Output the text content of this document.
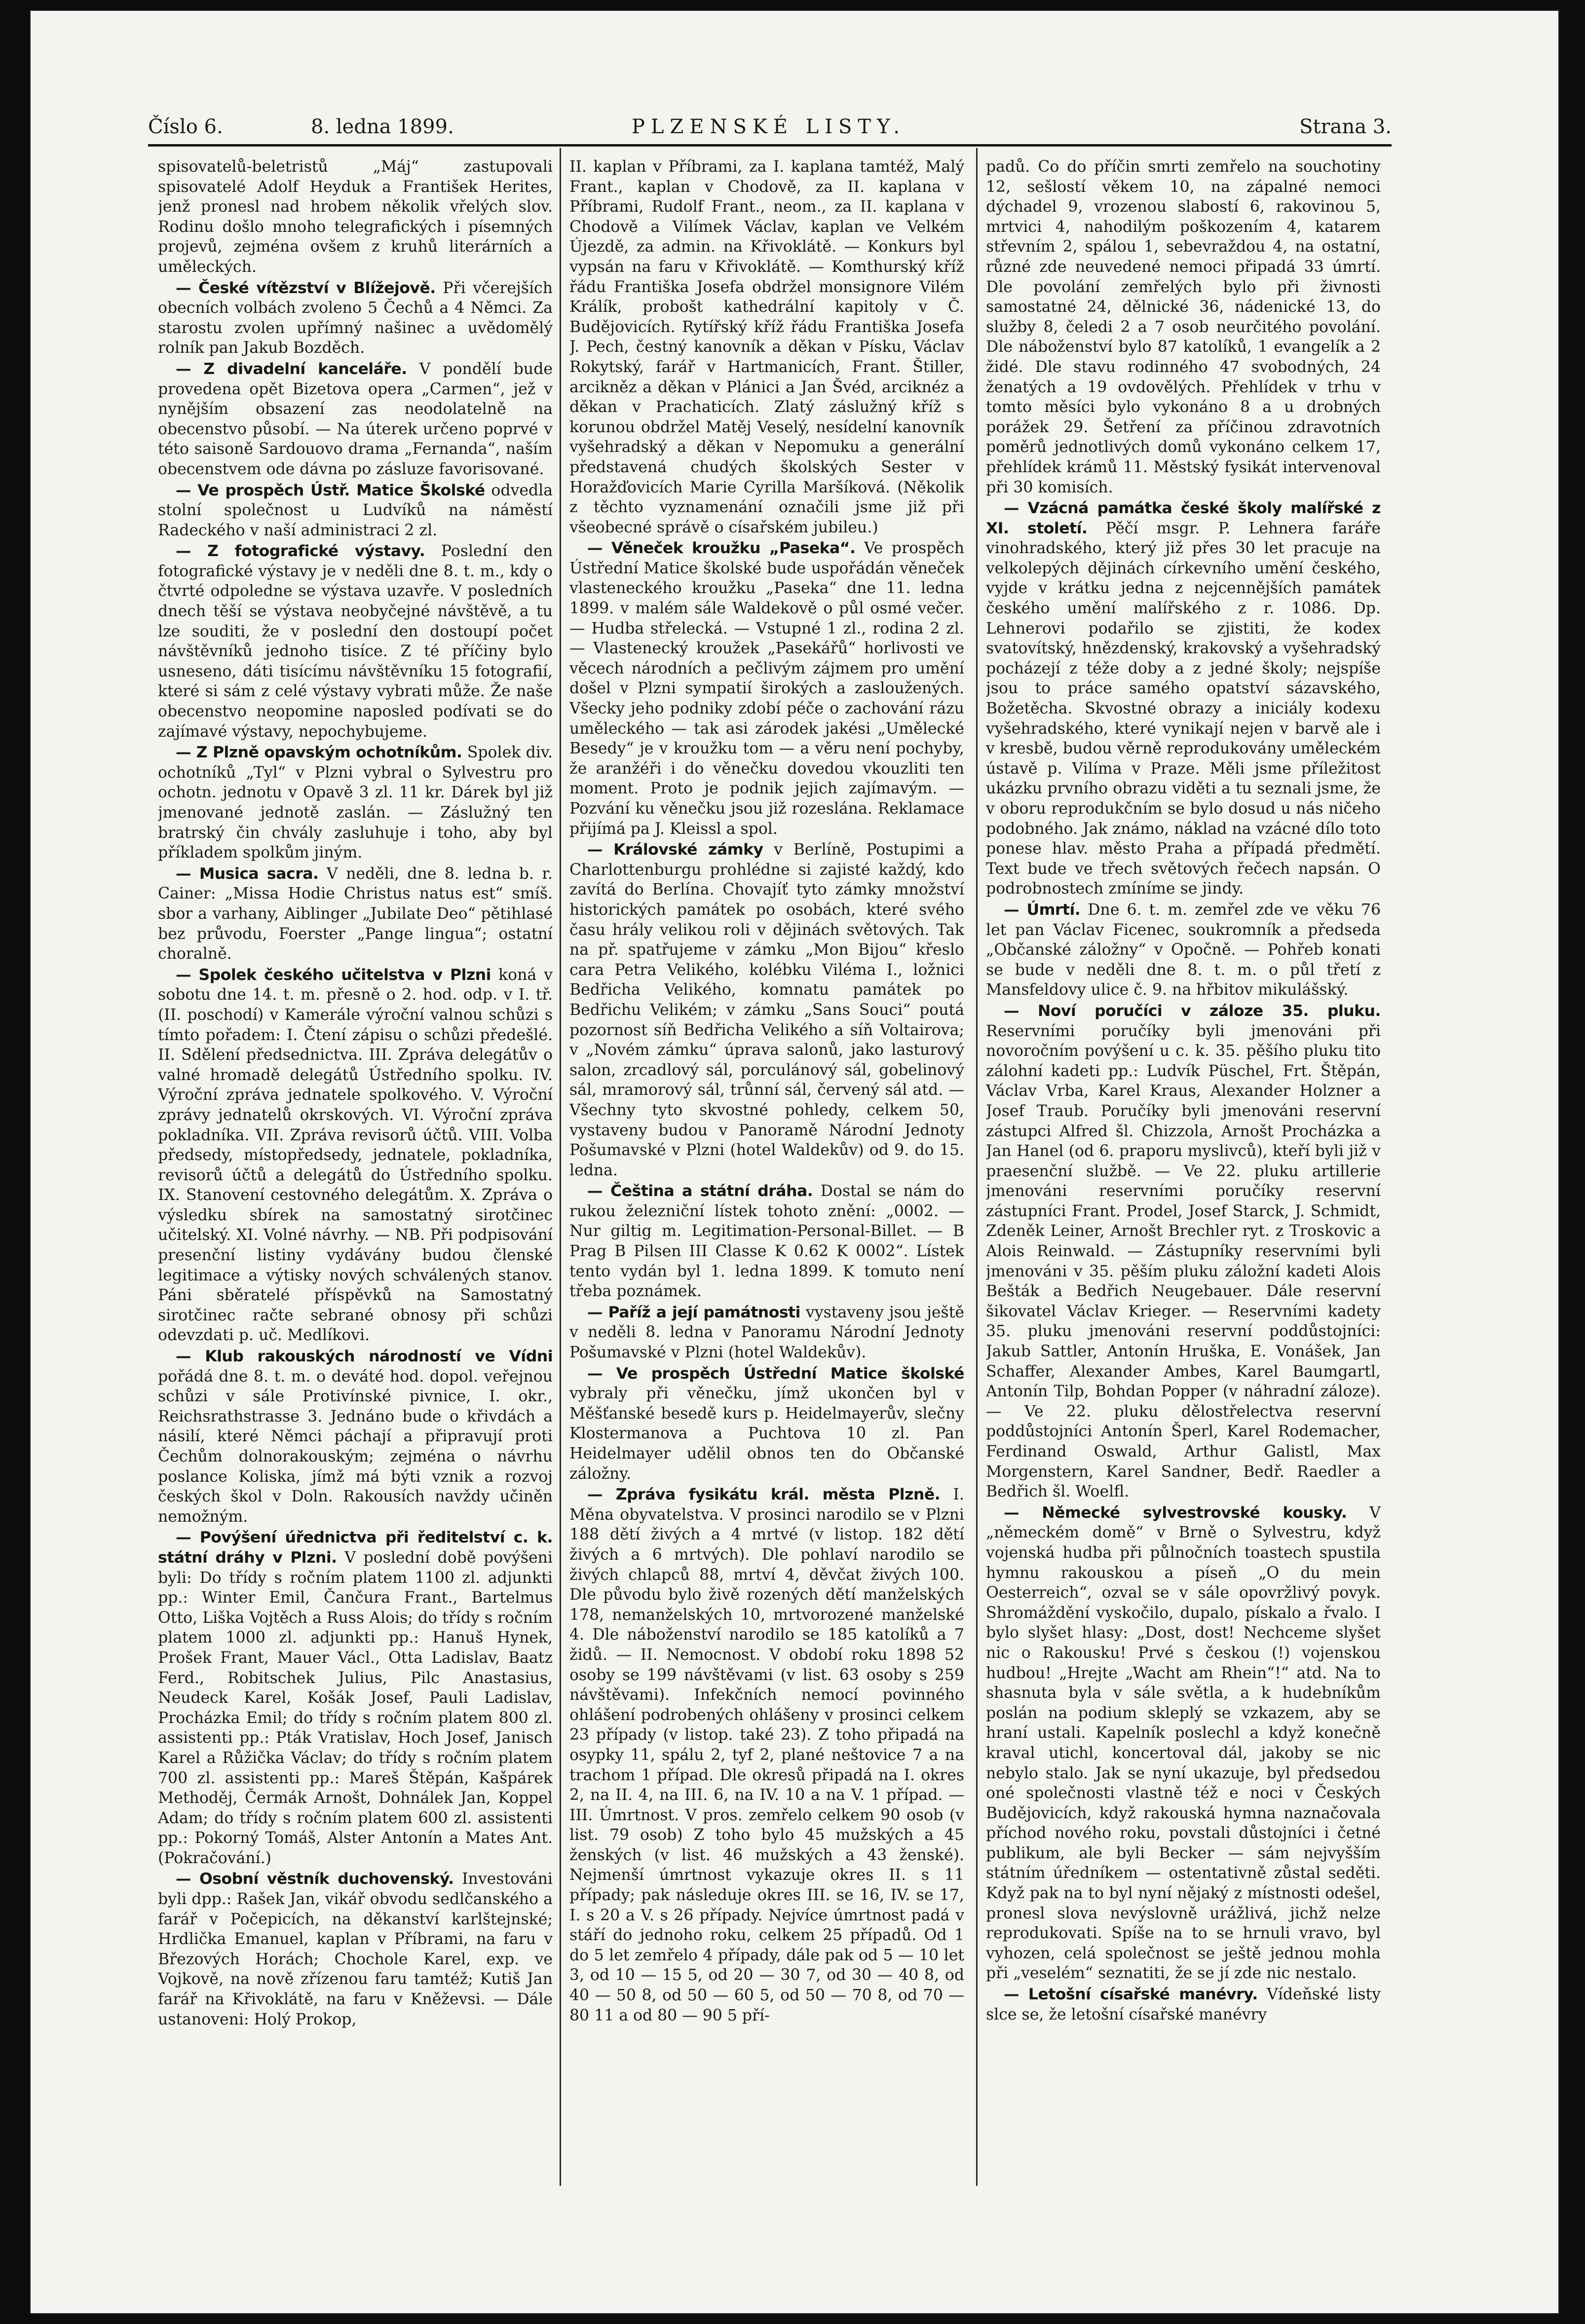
Číslo 6.	8. ledna 1899.	PLZENSKÉ LISTY.	Strana 3.

spisovatelů-beletristů „Máj“ zastupovali spisovatelé Adolf Heyduk a František Herites, jenž pronesl nad hrobem několik vřelých slov. Rodinu došlo mnoho telegrafických i písemných projevů, zejména ovšem z kruhů literárních a uměleckých.

— České vítězství v Blížejově. Při včerejších obecních volbách zvoleno 5 Čechů a 4 Němci. Za starostu zvolen upřímný našinec a uvědomělý rolník pan Jakub Bozděch.

— Z divadelní kanceláře. V pondělí bude provedena opět Bizetova opera „Carmen“, jež v nynějším obsazení zas neodolatelně na obecenstvo působí. — Na úterek určeno poprvé v této saisoně Sardouovo drama „Fernanda“, naším obecenstvem ode dávna po zásluze favorisované.

— Ve prospěch Ústř. Matice Školské odvedla stolní společnost u Ludvíků na náměstí Radeckého v naší administraci 2 zl.

— Z fotografické výstavy. Poslední den fotografické výstavy je v neděli dne 8. t. m., kdy o čtvrté odpoledne se výstava uzavře. V posledních dnech těší se výstava neobyčejné návštěvě, a tu lze souditi, že v poslední den dostoupí počet návštěvníků jednoho tisíce. Z té příčiny bylo usneseno, dáti tisícímu návštěvníku 15 fotografií, které si sám z celé výstavy vybrati může. Že naše obecenstvo neopomine naposled podívati se do zajímavé výstavy, nepochybujeme.

— Z Plzně opavským ochotníkům. Spolek div. ochotníků „Tyl“ v Plzni vybral o Sylvestru pro ochotn. jednotu v Opavě 3 zl. 11 kr. Dárek byl již jmenované jednotě zaslán. — Záslužný ten bratrský čin chvály zasluhuje i toho, aby byl příkladem spolkům jiným.

— Musica sacra. V neděli, dne 8. ledna b. r. Cainer: „Missa Hodie Christus natus est“ smíš. sbor a varhany, Aiblinger „Jubilate Deo“ pětihlasé bez průvodu, Foerster „Pange lingua“; ostatní choralně.

— Spolek českého učitelstva v Plzni koná v sobotu dne 14. t. m. přesně o 2. hod. odp. v I. tř. (II. poschodí) v Kamerále výroční valnou schůzi s tímto pořadem: I. Čtení zápisu o schůzi předešlé. II. Sdělení předsednictva. III. Zpráva delegátův o valné hromadě delegátů Ústředního spolku. IV. Výroční zpráva jednatele spolkového. V. Výroční zprávy jednatelů okrskových. VI. Výroční zpráva pokladníka. VII. Zpráva revisorů účtů. VIII. Volba předsedy, místopředsedy, jednatele, pokladníka, revisorů účtů a delegátů do Ústředního spolku. IX. Stanovení cestovného delegátům. X. Zpráva o výsledku sbírek na samostatný sirotčinec učitelský. XI. Volné návrhy. — NB. Při podpisování presenční listiny vydávány budou členské legitimace a výtisky nových schválených stanov. Páni sběratelé příspěvků na Samostatný sirotčinec račte sebrané obnosy při schůzi odevzdati p. uč. Medlíkovi.

— Klub rakouských národností ve Vídni pořádá dne 8. t. m. o deváté hod. dopol. veřejnou schůzi v sále Protivínské pivnice, I. okr., Reichsrathstrasse 3. Jednáno bude o křivdách a násilí, které Němci páchají a připravují proti Čechům dolnorakouským; zejména o návrhu poslance Koliska, jímž má býti vznik a rozvoj českých škol v Doln. Rakousích navždy učiněn nemožným.

— Povýšení úřednictva při ředitelství c. k. státní dráhy v Plzni. V poslední době povýšeni byli: Do třídy s ročním platem 1100 zl. adjunkti pp.: Winter Emil, Čančura Frant., Bartelmus Otto, Liška Vojtěch a Russ Alois; do třídy s ročním platem 1000 zl. adjunkti pp.: Hanuš Hynek, Prošek Frant, Mauer Václ., Otta Ladislav, Baatz Ferd., Robitschek Julius, Pilc Anastasius, Neudeck Karel, Košák Josef, Pauli Ladislav, Procházka Emil; do třídy s ročním platem 800 zl. assistenti pp.: Pták Vratislav, Hoch Josef, Janisch Karel a Růžička Václav; do třídy s ročním platem 700 zl. assistenti pp.: Mareš Štěpán, Kašpárek Methoděj, Čermák Arnošt, Dohnálek Jan, Koppel Adam; do třídy s ročním platem 600 zl. assistenti pp.: Pokorný Tomáš, Alster Antonín a Mates Ant. (Pokračování.)

— Osobní věstník duchovenský. Investováni byli dpp.: Rašek Jan, vikář obvodu sedlčanského a farář v Počepicích, na děkanství karlštejnské; Hrdlička Emanuel, kaplan v Příbrami, na faru v Březových Horách; Chochole Karel, exp. ve Vojkově, na nově zřízenou faru tamtéž; Kutiš Jan farář na Křivoklátě, na faru v Kněževsi. — Dále ustanoveni: Holý Prokop,

II. kaplan v Příbrami, za I. kaplana tamtéž, Malý Frant., kaplan v Chodově, za II. kaplana v Příbrami, Rudolf Frant., neom., za II. kaplana v Chodově a Vilímek Václav, kaplan ve Velkém Újezdě, za admin. na Křivoklátě. — Konkurs byl vypsán na faru v Křivoklátě. — Komthurský kříž řádu Františka Josefa obdržel monsignore Vilém Králík, probošt kathedrální kapitoly v Č. Budějovicích. Rytířský kříž řádu Františka Josefa J. Pech, čestný kanovník a děkan v Písku, Václav Rokytský, farář v Hartmanicích, Frant. Štiller, arcikněz a děkan v Plánici a Jan Švéd, arciknéz a děkan v Prachaticích. Zlatý záslužný kříž s korunou obdržel Matěj Veselý, nesídelní kanovník vyšehradský a děkan v Nepomuku a generální představená chudých školských Sester v Horažďovicích Marie Cyrilla Maršíková. (Několik z těchto vyznamenání označili jsme již při všeobecné správě o císařském jubileu.)

— Věneček kroužku „Paseka“. Ve prospěch Ústřední Matice školské bude uspořádán věneček vlasteneckého kroužku „Paseka“ dne 11. ledna 1899. v malém sále Waldekově o půl osmé večer. — Hudba střelecká. — Vstupné 1 zl., rodina 2 zl. — Vlastenecký kroužek „Pasekářů“ horlivosti ve věcech národních a pečlivým zájmem pro umění došel v Plzni sympatií širokých a zasloužených. Všecky jeho podniky zdobí péče o zachování rázu uměleckého — tak asi zárodek jakési „Umělecké Besedy“ je v kroužku tom — a věru není pochyby, že aranžéři i do věnečku dovedou vkouzliti ten moment. Proto je podnik jejich zajímavým. — Pozvání ku věnečku jsou již rozeslána. Reklamace přijímá pa J. Kleissl a spol.

— Královské zámky v Berlíně, Postupimi a Charlottenburgu prohlédne si zajisté každý, kdo zavítá do Berlína. Chovajíť tyto zámky množství historických památek po osobách, které svého času hrály velikou roli v dějinách světových. Tak na př. spatřujeme v zámku „Mon Bijou“ křeslo cara Petra Velikého, kolébku Viléma I., ložnici Bedřicha Velikého, komnatu památek po Bedřichu Velikém; v zámku „Sans Souci“ poutá pozornost síň Bedřicha Velikého a síň Voltairova; v „Novém zámku“ úprava salonů, jako lasturový salon, zrcadlový sál, porculánový sál, gobelinový sál, mramorový sál, trůnní sál, červený sál atd. — Všechny tyto skvostné pohledy, celkem 50, vystaveny budou v Panoramě Národní Jednoty Pošumavské v Plzni (hotel Waldekův) od 9. do 15. ledna.

— Čeština a státní dráha. Dostal se nám do rukou železniční lístek tohoto znění: „0002. — Nur giltig m. Legitimation-Personal-Billet. — B Prag B Pilsen III Classe K 0.62 K 0002“. Lístek tento vydán byl 1. ledna 1899. K tomuto není třeba poznámek.

— Paříž a její památnosti vystaveny jsou ještě v neděli 8. ledna v Panoramu Národní Jednoty Pošumavské v Plzni (hotel Waldekův).

— Ve prospěch Ústřední Matice školské vybraly při věnečku, jímž ukončen byl v Měšťanské besedě kurs p. Heidelmayerův, slečny Klostermanova a Puchtova 10 zl. Pan Heidelmayer udělil obnos ten do Občanské záložny.

— Zpráva fysikátu král. města Plzně. I. Měna obyvatelstva. V prosinci narodilo se v Plzni 188 dětí živých a 4 mrtvé (v listop. 182 dětí živých a 6 mrtvých). Dle pohlaví narodilo se živých chlapců 88, mrtví 4, děvčat živých 100. Dle původu bylo živě rozených dětí manželských 178, nemanželských 10, mrtvorozené manželské 4. Dle náboženství narodilo se 185 katolíků a 7 židů. — II. Nemocnost. V období roku 1898 52 osoby se 199 návštěvami (v list. 63 osoby s 259 návštěvami). Infekčních nemocí povinného ohlášení podrobených ohlášeny v prosinci celkem 23 případy (v listop. také 23). Z toho připadá na osypky 11, spálu 2, tyf 2, plané neštovice 7 a na trachom 1 případ. Dle okresů připadá na I. okres 2, na II. 4, na III. 6, na IV. 10 a na V. 1 případ. — III. Úmrtnost. V pros. zemřelo celkem 90 osob (v list. 79 osob) Z toho bylo 45 mužských a 45 ženských (v list. 46 mužských a 43 ženské). Nejmenší úmrtnost vykazuje okres II. s 11 případy; pak následuje okres III. se 16, IV. se 17, I. s 20 a V. s 26 případy. Nejvíce úmrtnost padá v stáří do jednoho roku, celkem 25 případů. Od 1 do 5 let zemřelo 4 případy, dále pak od 5 — 10 let 3, od 10 — 15 5, od 20 — 30 7, od 30 — 40 8, od 40 — 50 8, od 50 — 60 5, od 50 — 70 8, od 70 — 80 11 a od 80 — 90 5 pří-

padů. Co do příčin smrti zemřelo na souchotiny 12, sešlostí věkem 10, na zápalné nemoci dýchadel 9, vrozenou slabostí 6, rakovinou 5, mrtvici 4, nahodilým poškozením 4, katarem střevním 2, spálou 1, sebevraždou 4, na ostatní, různé zde neuvedené nemoci připadá 33 úmrtí. Dle povolání zemřelých bylo při živnosti samostatné 24, dělnické 36, nádenické 13, do služby 8, čeledi 2 a 7 osob neurčitého povolání. Dle náboženství bylo 87 katolíků, 1 evangelík a 2 židé. Dle stavu rodinného 47 svobodných, 24 ženatých a 19 ovdovělých. Přehlídek v trhu v tomto měsíci bylo vykonáno 8 a u drobných porážek 29. Šetření za příčinou zdravotních poměrů jednotlivých domů vykonáno celkem 17, přehlídek krámů 11. Městský fysikát intervenoval při 30 komisích.

— Vzácná památka české školy malířské z XI. století. Pěčí msgr. P. Lehnera faráře vinohradského, který již přes 30 let pracuje na velkolepých dějinách církevního umění českého, vyjde v krátku jedna z nejcennějších památek českého umění malířského z r. 1086. Dp. Lehnerovi podařilo se zjistiti, že kodex svatovítský, hnězdenský, krakovský a vyšehradský pocházejí z téže doby a z jedné školy; nejspíše jsou to práce samého opatství sázavského, Božetěcha. Skvostné obrazy a iniciály kodexu vyšehradského, které vynikají nejen v barvě ale i v kresbě, budou věrně reprodukovány uměleckém ústavě p. Vilíma v Praze. Měli jsme příležitost ukázku prvního obrazu viděti a tu seznali jsme, že v oboru reprodukčním se bylo dosud u nás ničeho podobného. Jak známo, náklad na vzácné dílo toto ponese hlav. město Praha a případá předmětí. Text bude ve třech světových řečech napsán. O podrobnostech zmíníme se jindy.

— Úmrtí. Dne 6. t. m. zemřel zde ve věku 76 let pan Václav Ficenec, soukromník a předseda „Občanské záložny“ v Opočně. — Pohřeb konati se bude v neděli dne 8. t. m. o půl třetí z Mansfeldovy ulice č. 9. na hřbitov mikulášský.

— Noví poručíci v záloze 35. pluku. Reservními poručíky byli jmenováni při novoročním povýšení u c. k. 35. pěšího pluku tito zálohní kadeti pp.: Ludvík Püschel, Frt. Štěpán, Václav Vrba, Karel Kraus, Alexander Holzner a Josef Traub. Poručíky byli jmenováni reservní zástupci Alfred šl. Chizzola, Arnošt Procházka a Jan Hanel (od 6. praporu myslivců), kteří byli již v praesenční službě. — Ve 22. pluku artillerie jmenováni reservními poručíky reservní zástupníci Frant. Prodel, Josef Starck, J. Schmidt, Zdeněk Leiner, Arnošt Brechler ryt. z Troskovic a Alois Reinwald. — Zástupníky reservními byli jmenováni v 35. pěším pluku záložní kadeti Alois Bešták a Bedřich Neugebauer. Dále reservní šikovatel Václav Krieger. — Reservními kadety 35. pluku jmenováni reservní poddůstojníci: Jakub Sattler, Antonín Hruška, E. Vonášek, Jan Schaffer, Alexander Ambes, Karel Baumgartl, Antonín Tilp, Bohdan Popper (v náhradní záloze). — Ve 22. pluku dělostřelectva reservní poddůstojníci Antonín Šperl, Karel Rodemacher, Ferdinand Oswald, Arthur Galistl, Max Morgenstern, Karel Sandner, Bedř. Raedler a Bedřich šl. Woelfl.

— Německé sylvestrovské kousky. V „německém domě“ v Brně o Sylvestru, když vojenská hudba při půlnočních toastech spustila hymnu rakouskou a píseň „O du mein Oesterreich“, ozval se v sále opovržlivý povyk. Shromáždění vyskočilo, dupalo, pískalo a řvalo. I bylo slyšet hlasy: „Dost, dost! Nechceme slyšet nic o Rakousku! Prvé s českou (!) vojenskou hudbou! „Hrejte „Wacht am Rhein“!“ atd. Na to shasnuta byla v sále světla, a k hudebníkům poslán na podium skleplý se vzkazem, aby se hraní ustali. Kapelník poslechl a když konečně kraval utichl, koncertoval dál, jakoby se nic nebylo stalo. Jak se nyní ukazuje, byl předsedou oné společnosti vlastně též e noci v Českých Budějovicích, když rakouská hymna naznačovala příchod nového roku, povstali důstojníci i četné publikum, ale byli Becker — sám nejvyšším státním úředníkem — ostentativně zůstal seděti. Když pak na to byl nyní nějaký z místnosti odešel, pronesl slova nevýslovně urážlivá, jichž nelze reprodukovati. Spíše na to se hrnuli vravo, byl vyhozen, celá společnost se ještě jednou mohla při „veselém“ seznatiti, že se jí zde nic nestalo.

— Letošní císařské manévry. Vídeňské listy slce se, že letošní císařské manévry
